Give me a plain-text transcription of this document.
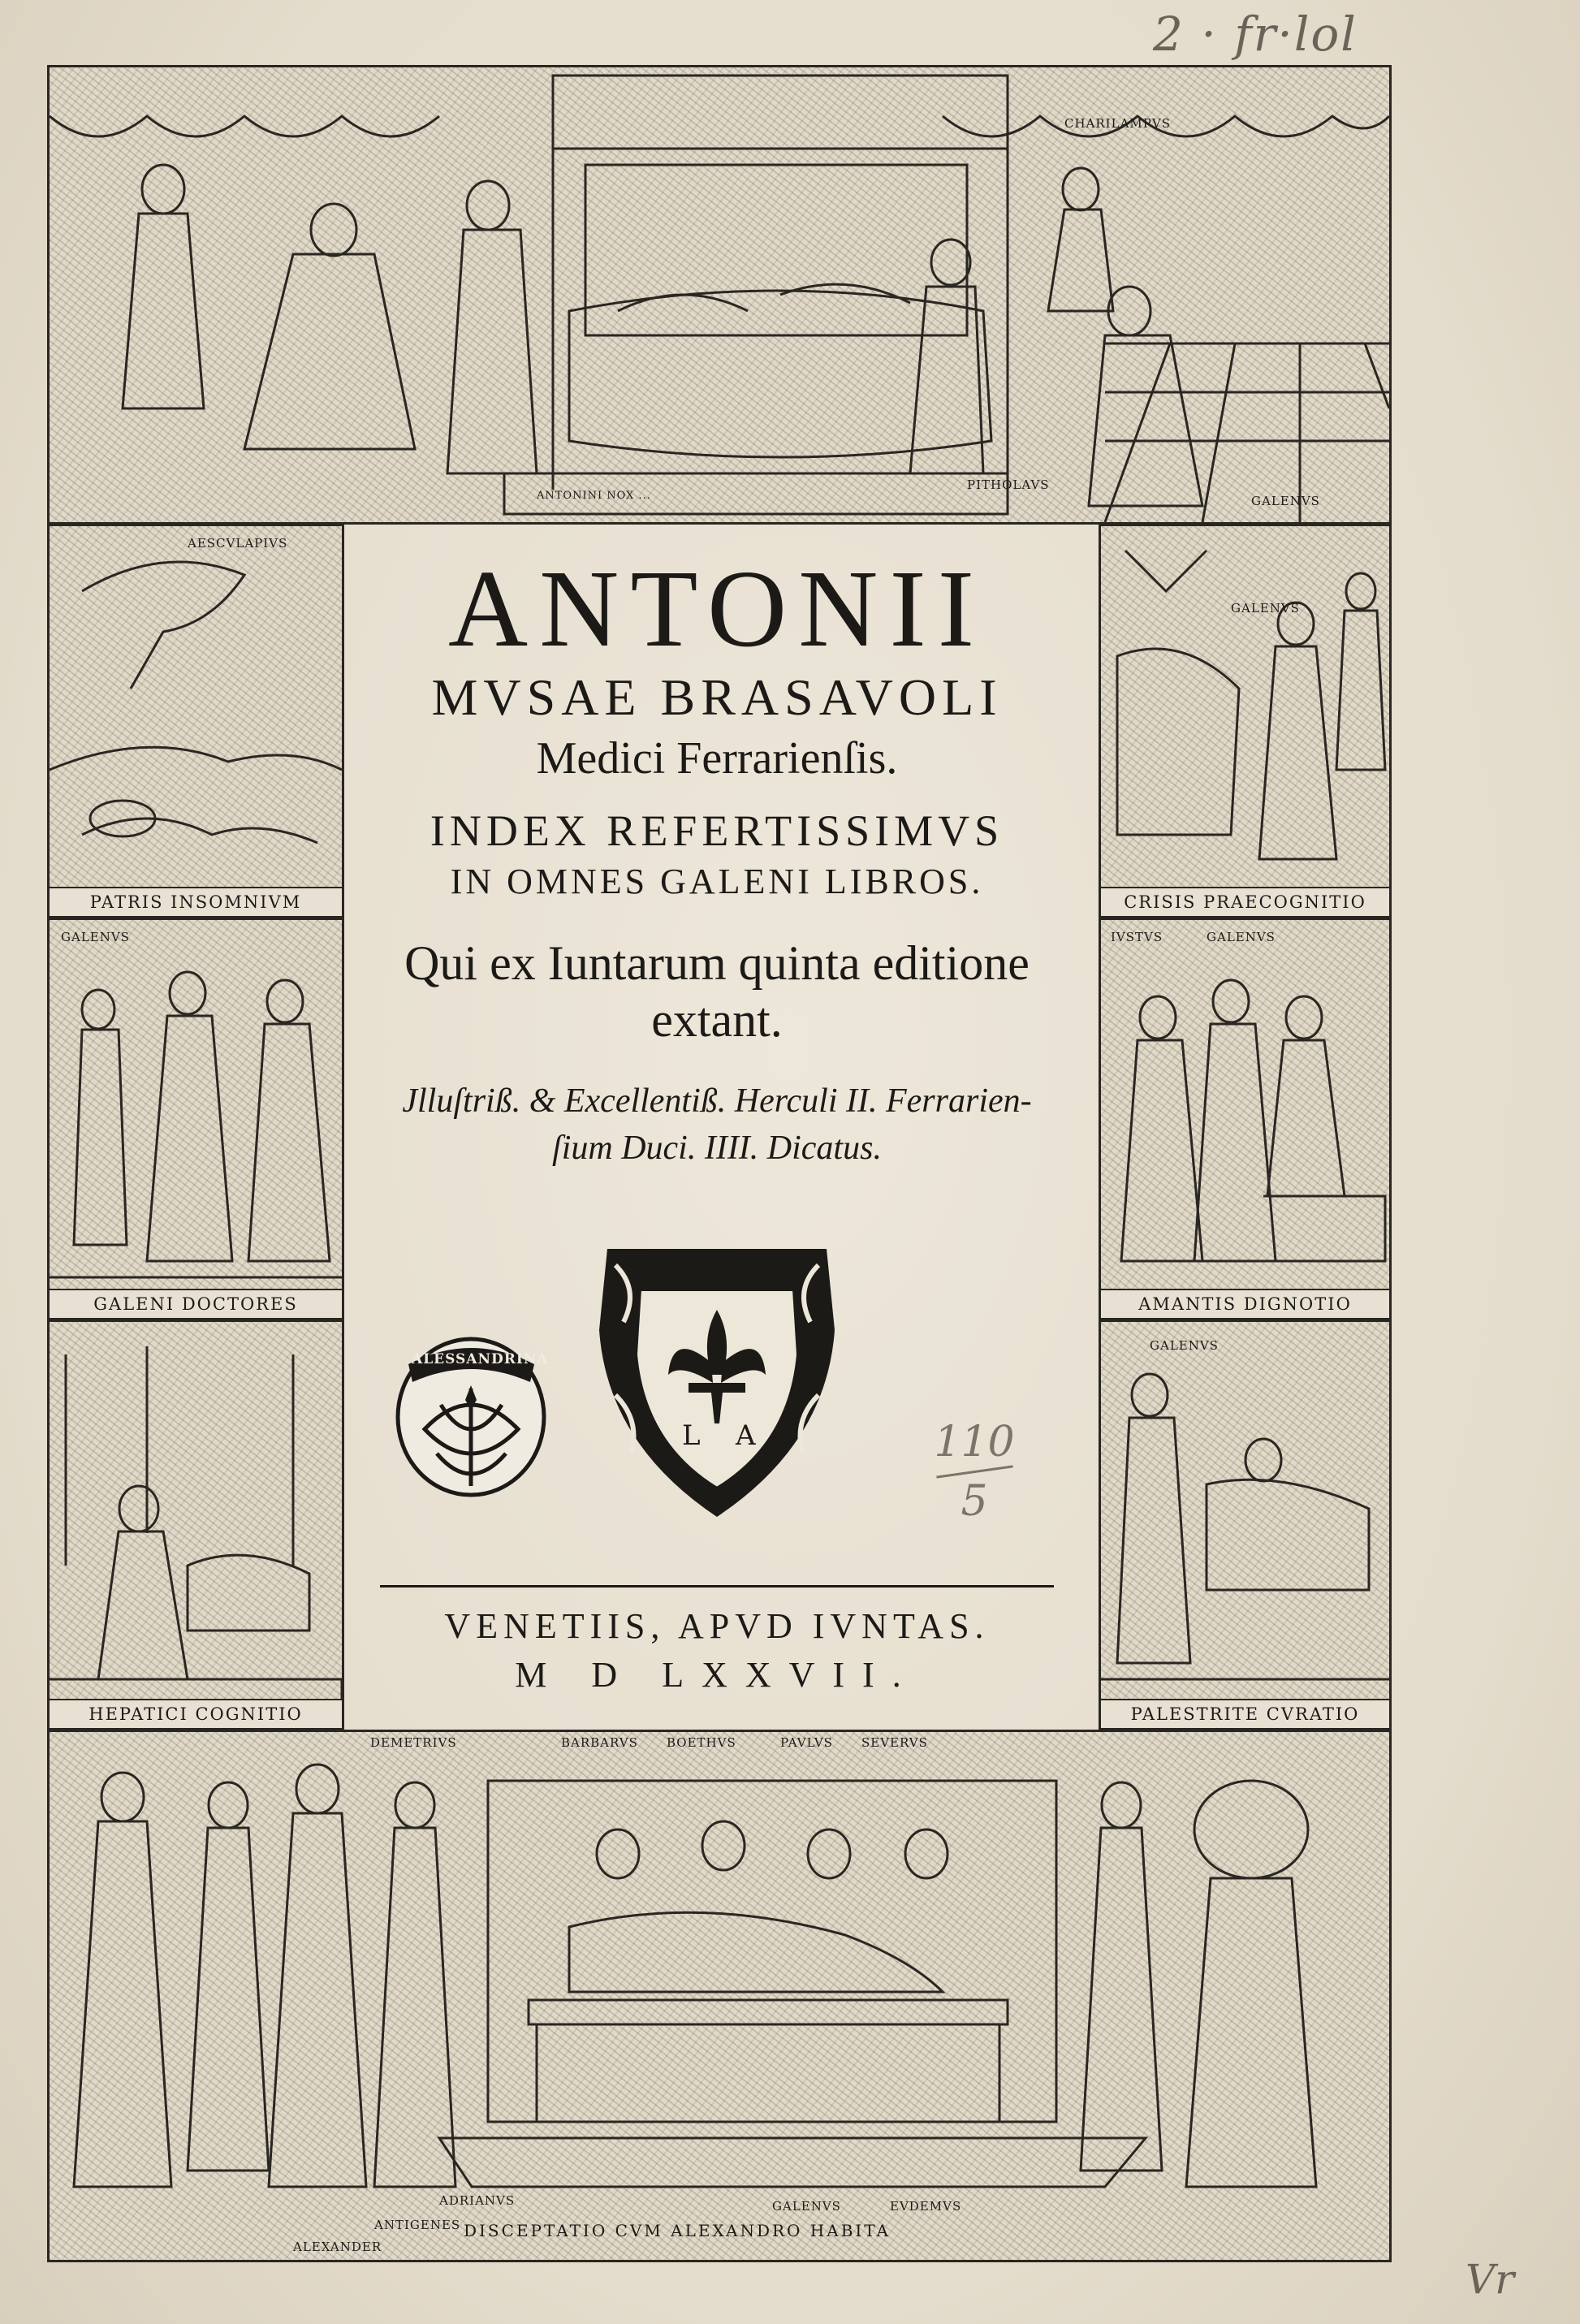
2 · fr·lol
110
5
Vr
CHARILAMPVS
PITHOLAVS
GALENVS
ANTONINI NOX ...
AESCVLAPIVS
PATRIS INSOMNIVM
GALENVS
GALENI DOCTORES
HEPATICI COGNITIO
GALENVS
CRISIS PRAECOGNITIO
IVSTVS	GALENVS
AMANTIS DIGNOTIO
GALENVS
PALESTRITE CVRATIO
DEMETRIVS	BARBARVS BOETHVS	PAVLVS SEVERVS
ADRIANVS	GALENVS	EVDEMVS
ANTIGENES
ALEXANDER
DISCEPTATIO CVM ALEXANDRO HABITA
ANTONII
MVSAE BRASAVOLI
Medici Ferrarienſis.
INDEX REFERTISSIMVS
IN OMNES GALENI LIBROS.
Qui ex Iuntarum quinta editione
extant.
Jlluſtriß. & Excellentiß. Herculi II. Ferrarien-
ſium Duci. IIII. Dicatus.
VENETIIS, APVD IVNTAS.
M D LXXVII.
ALESSANDRINA
L A
